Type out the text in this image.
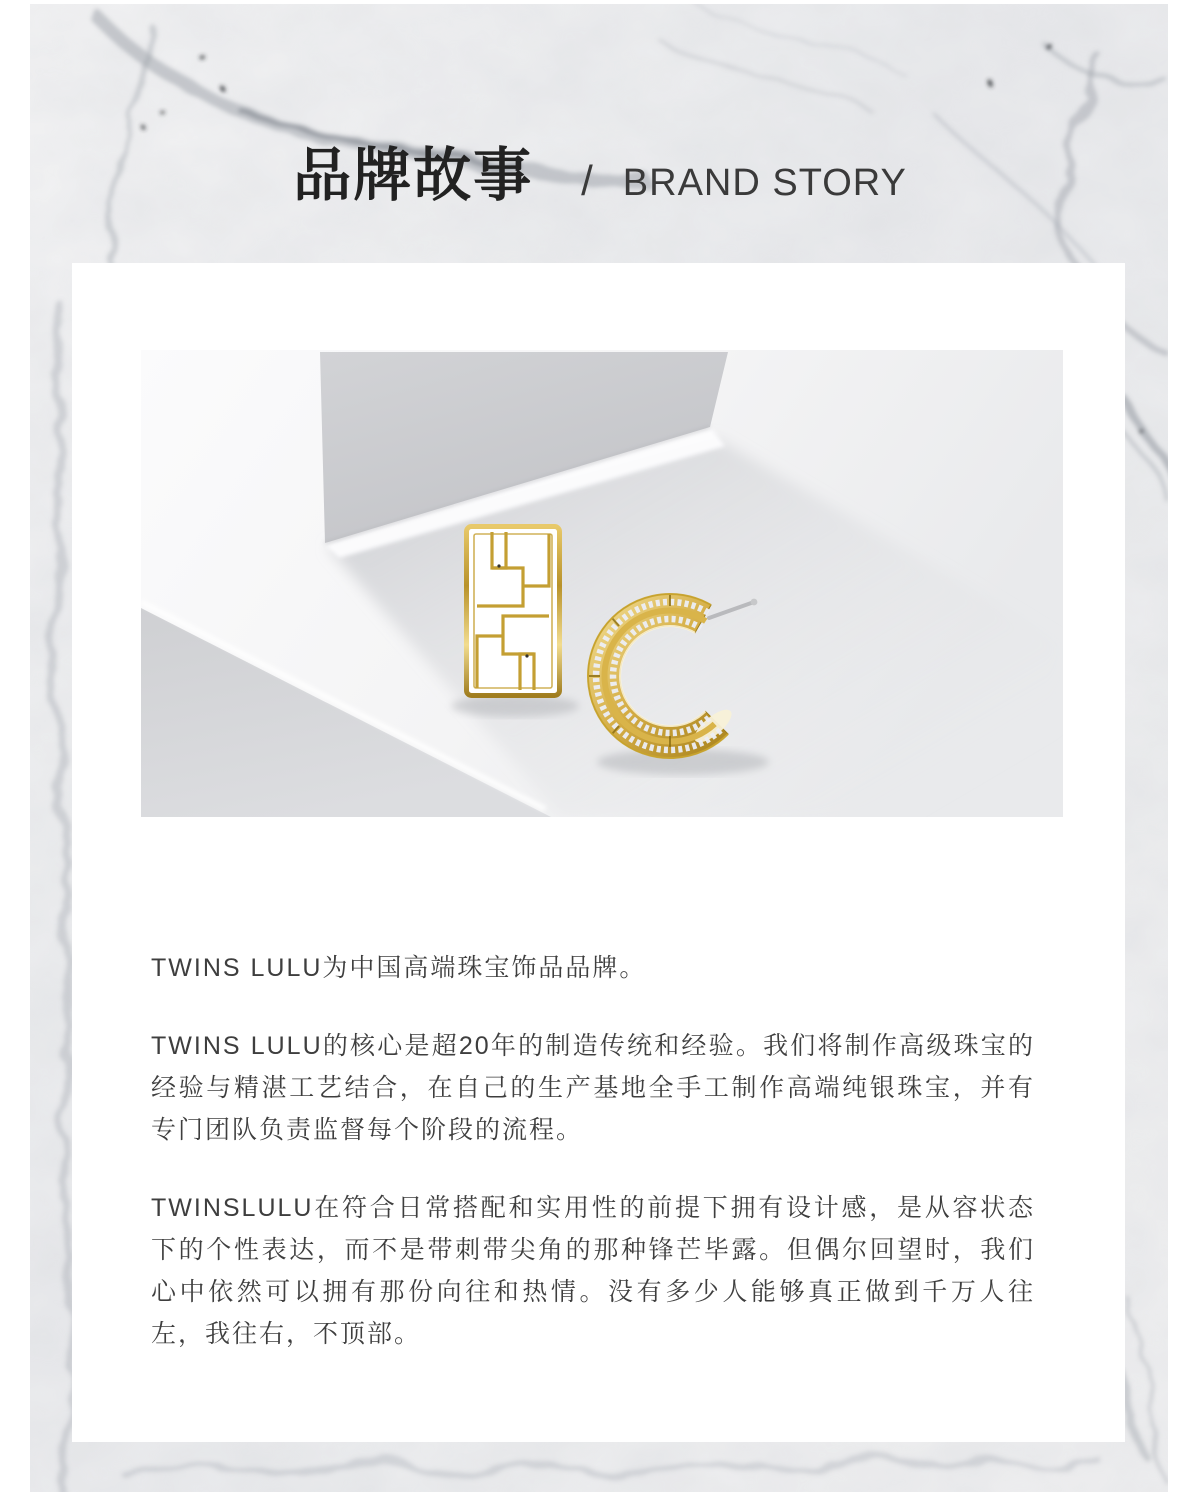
品牌故事 / BRAND STORY

TWINS LULU为中国高端珠宝饰品品牌。

TWINS LULU的核心是超20年的制造传统和经验。我们将制作高级珠宝的经验与精湛工艺结合，在自己的生产基地全手工制作高端纯银珠宝，并有专门团队负责监督每个阶段的流程。

TWINSLULU在符合日常搭配和实用性的前提下拥有设计感，是从容状态下的个性表达，而不是带刺带尖角的那种锋芒毕露。但偶尔回望时，我们心中依然可以拥有那份向往和热情。没有多少人能够真正做到千万人往左，我往右，不顶部。
